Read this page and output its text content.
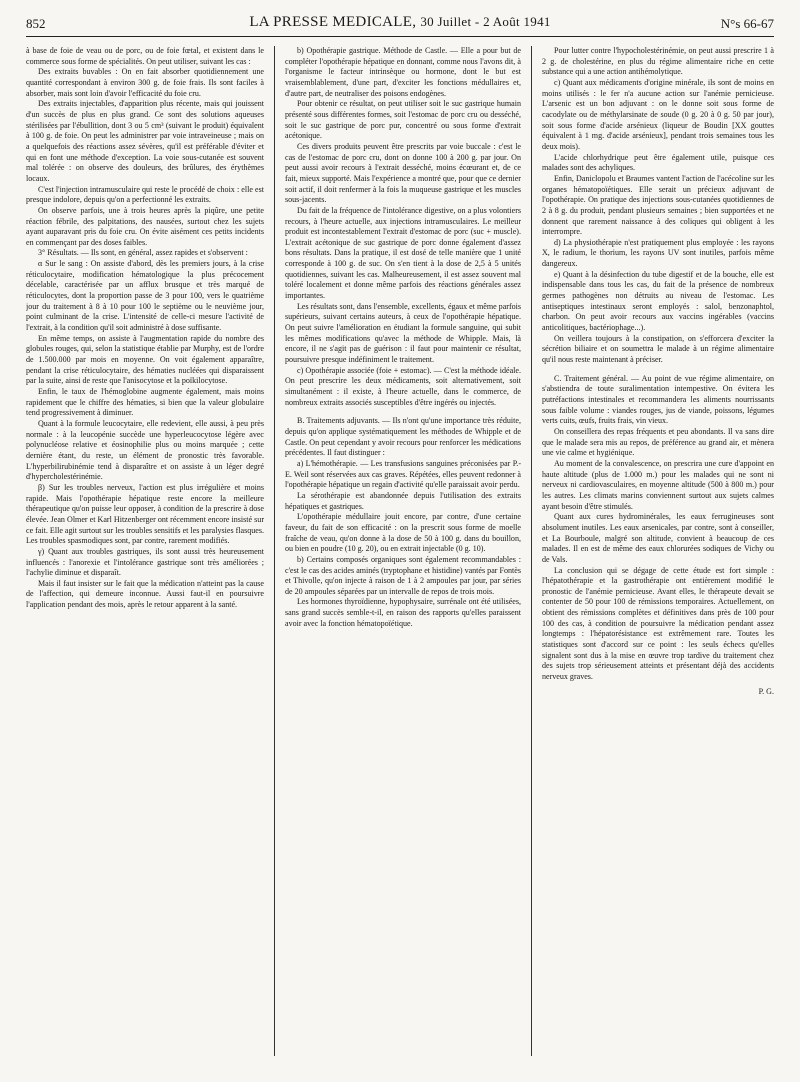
852	LA PRESSE MEDICALE, 30 Juillet - 2 Août 1941	N°s 66-67

à base de foie de veau ou de porc, ou de foie fœtal, et existent dans le commerce sous forme de spécialités. On peut utiliser, suivant les cas :

Des extraits buvables : On en fait absorber quotidiennement une quantité correspondant à environ 300 g. de foie frais. Ils sont faciles à absorber, mais sont loin d'avoir l'efficacité du foie cru.

Des extraits injectables, d'apparition plus récente, mais qui jouissent d'un succès de plus en plus grand. Ce sont des solutions aqueuses stérilisées par l'ébullition, dont 3 ou 5 cm³ (suivant le produit) équivalent à 100 g. de foie. On peut les administrer par voie intraveineuse ; mais on a quelquefois des réactions assez sévères, qu'il est préférable d'éviter et qui en font une méthode d'exception. La voie sous-cutanée est souvent mal tolérée : on observe des douleurs, des brûlures, des érythèmes locaux.

C'est l'injection intramusculaire qui reste le procédé de choix : elle est presque indolore, depuis qu'on a perfectionné les extraits.

On observe parfois, une à trois heures après la piqûre, une petite réaction fébrile, des palpitations, des nausées, surtout chez les sujets ayant auparavant pris du foie cru. On évite aisément ces petits incidents en commençant par des doses faibles.

3° Résultats. — Ils sont, en général, assez rapides et s'observent :

α Sur le sang : On assiste d'abord, dès les premiers jours, à la crise réticulocytaire, modification hématologique la plus précocement décelable, caractérisée par un afflux brusque et très marqué de réticulocytes, dont la proportion passe de 3 pour 100, vers le quatrième jour du traitement à 8 à 10 pour 100 le septième ou le neuvième jour, point culminant de la crise. L'intensité de celle-ci mesure l'activité de l'extrait, à la condition qu'il soit administré à dose suffisante.

En même temps, on assiste à l'augmentation rapide du nombre des globules rouges, qui, selon la statistique établie par Murphy, est de l'ordre de 1.500.000 par mois en moyenne. On voit également apparaître, pendant la crise réticulocytaire, des hématies nucléées qui disparaissent par la suite, ainsi de reste que l'anisocytose et la poïkilocytose.

Enfin, le taux de l'hémoglobine augmente également, mais moins rapidement que le chiffre des hématies, si bien que la valeur globulaire tend progressivement à diminuer.

Quant à la formule leucocytaire, elle redevient, elle aussi, à peu près normale : à la leucopénie succède une hyperleucocytose légère avec polynucléose relative et éosinophilie plus ou moins marquée ; cette dernière étant, du reste, un élément de pronostic très favorable. L'hyperbilirubinémie tend à disparaître et on assiste à un léger degré d'hypercholestérinémie.

β) Sur les troubles nerveux, l'action est plus irrégulière et moins rapide. Mais l'opothérapie hépatique reste encore la meilleure thérapeutique qu'on puisse leur opposer, à condition de la prescrire à dose élevée. Jean Olmer et Karl Hitzenberger ont récemment encore insisté sur ce fait. Elle agit surtout sur les troubles sensitifs et les paralysies flasques. Les troubles spasmodiques sont, par contre, rarement modifiés.

γ) Quant aux troubles gastriques, ils sont aussi très heureusement influencés : l'anorexie et l'intolérance gastrique sont très améliorées ; l'achylie diminue et disparaît.

Mais il faut insister sur le fait que la médication n'atteint pas la cause de l'affection, qui demeure inconnue. Aussi faut-il en poursuivre l'application pendant des mois, après le retour apparent à la santé.

b) Opothérapie gastrique. Méthode de Castle. — Elle a pour but de compléter l'opothérapie hépatique en donnant, comme nous l'avons dit, à l'organisme le facteur intrinsèque ou hormone, dont le but est vraisemblablement, d'une part, d'exciter les fonctions médullaires et, d'autre part, de neutraliser des poisons endogènes.

Pour obtenir ce résultat, on peut utiliser soit le suc gastrique humain présenté sous différentes formes, soit l'estomac de porc cru ou desséché, soit le suc gastrique de porc pur, concentré ou sous forme d'extrait acétonique.

Ces divers produits peuvent être prescrits par voie buccale : c'est le cas de l'estomac de porc cru, dont on donne 100 à 200 g. par jour. On peut aussi avoir recours à l'extrait desséché, moins écœurant et, de ce fait, mieux supporté. Mais l'expérience a montré que, pour que ce dernier soit actif, il doit renfermer à la fois la muqueuse gastrique et les muscles sous-jacents.

Du fait de la fréquence de l'intolérance digestive, on a plus volontiers recours, à l'heure actuelle, aux injections intramusculaires. Le meilleur produit est incontestablement l'extrait d'estomac de porc (suc + muscle). L'extrait acétonique de suc gastrique de porc donne également d'assez bons résultats. Dans la pratique, il est dosé de telle manière que 1 unité corresponde à 100 g. de suc. On s'en tient à la dose de 2,5 à 5 unités quotidiennes, suivant les cas. Malheureusement, il est assez souvent mal toléré localement et donne même parfois des réactions générales assez importantes.

Les résultats sont, dans l'ensemble, excellents, égaux et même parfois supérieurs, suivant certains auteurs, à ceux de l'opothérapie hépatique. On peut suivre l'amélioration en étudiant la formule sanguine, qui subit les mêmes modifications qu'avec la méthode de Whipple. Mais, là encore, il ne s'agit pas de guérison : il faut pour maintenir ce résultat, poursuivre presque indéfiniment le traitement.

c) Opothérapie associée (foie + estomac). — C'est la méthode idéale. On peut prescrire les deux médicaments, soit alternativement, soit simultanément : il existe, à l'heure actuelle, dans le commerce, de nombreux extraits associés susceptibles d'être ingérés ou injectés.

B. Traitements adjuvants. — Ils n'ont qu'une importance très réduite, depuis qu'on applique systématiquement les méthodes de Whipple et de Castle. On peut cependant y avoir recours pour renforcer les médications précédentes. Il faut distinguer :

a) L'hémothérapie. — Les transfusions sanguines préconisées par P.-E. Weil sont réservées aux cas graves. Répétées, elles peuvent redonner à l'opothérapie hépatique un regain d'activité qu'elle paraissait avoir perdu.

La sérothérapie est abandonnée depuis l'utilisation des extraits hépatiques et gastriques.

L'opothérapie médullaire jouit encore, par contre, d'une certaine faveur, du fait de son efficacité : on la prescrit sous forme de moelle fraîche de veau, qu'on donne à la dose de 50 à 100 g. dans du bouillon, ou bien en poudre (10 g. 20), ou en extrait injectable (0 g. 10).

b) Certains composés organiques sont également recommandables : c'est le cas des acides aminés (tryptophane et histidine) vantés par Fontès et Thivolle, qu'on injecte à raison de 1 à 2 ampoules par jour, par séries de 20 ampoules séparées par un intervalle de repos de trois mois.

Les hormones thyroïdienne, hypophysaire, surrénale ont été utilisées, sans grand succès semble-t-il, en raison des rapports qu'elles paraissent avoir avec la fonction hématopoïétique.

Pour lutter contre l'hypocholestérinémie, on peut aussi prescrire 1 à 2 g. de cholestérine, en plus du régime alimentaire riche en cette substance qui a une action antihémolytique.

c) Quant aux médicaments d'origine minérale, ils sont de moins en moins utilisés : le fer n'a aucune action sur l'anémie pernicieuse. L'arsenic est un bon adjuvant : on le donne soit sous forme de cacodylate ou de méthylarsinate de soude (0 g. 20 à 0 g. 50 par jour), soit sous forme d'acide arsénieux (liqueur de Boudin [XX gouttes équivalent à 1 mg. d'acide arsénieux], pendant trois semaines tous les deux mois).

L'acide chlorhydrique peut être également utile, puisque ces malades sont des achyliques.

Enfin, Daniclopolu et Braumes vantent l'action de l'acécoline sur les organes hématopoïétiques. Elle serait un précieux adjuvant de l'opothérapie. On pratique des injections sous-cutanées quotidiennes de 2 à 8 g. du produit, pendant plusieurs semaines ; bien supportées et ne donnent que rarement naissance à des coliques qui obligent à les interrompre.

d) La physiothérapie n'est pratiquement plus employée : les rayons X, le radium, le thorium, les rayons UV sont inutiles, parfois même dangereux.

e) Quant à la désinfection du tube digestif et de la bouche, elle est indispensable dans tous les cas, du fait de la présence de nombreux germes pathogènes non détruits au niveau de l'estomac. Les antiseptiques intestinaux seront employés : salol, benzonaphtol, charbon. On peut avoir recours aux vaccins ingérables (vaccins anticolitiques, bactériophage...).

On veillera toujours à la constipation, on s'efforcera d'exciter la sécrétion biliaire et on soumettra le malade à un régime alimentaire qu'il nous reste maintenant à préciser.

C. Traitement général. — Au point de vue régime alimentaire, on s'abstiendra de toute suralimentation intempestive. On évitera les putréfactions intestinales et recommandera les aliments nourrissants sous faible volume : viandes rouges, jus de viande, poissons, légumes verts cuits, œufs, fruits frais, vin vieux.

On conseillera des repas fréquents et peu abondants. Il va sans dire que le malade sera mis au repos, de préférence au grand air, et mènera une vie calme et hygiénique.

Au moment de la convalescence, on prescrira une cure d'appoint en haute altitude (plus de 1.000 m.) pour les malades qui ne sont ni nerveux ni cardiovasculaires, en moyenne altitude (500 à 800 m.) pour les autres. Les climats marins conviennent surtout aux sujets calmes ayant besoin d'être stimulés.

Quant aux cures hydrominérales, les eaux ferrugineuses sont absolument inutiles. Les eaux arsenicales, par contre, sont à conseiller, et La Bourboule, malgré son altitude, convient à beaucoup de ces malades. Il en est de même des eaux chlorurées sodiques de Vichy ou de Vals.

La conclusion qui se dégage de cette étude est fort simple : l'hépatothérapie et la gastrothérapie ont entièrement modifié le pronostic de l'anémie pernicieuse. Avant elles, le thérapeute devait se contenter de 50 pour 100 de rémissions temporaires. Actuellement, on obtient des rémissions complètes et définitives dans près de 100 pour 100 des cas, à condition de poursuivre la médication pendant assez longtemps : l'hépatorésistance est extrêmement rare. Toutes les statistiques sont d'accord sur ce point : les seuls échecs qu'elles signalent sont dus à la mise en œuvre trop tardive du traitement chez des sujets trop sérieusement atteints et présentant déjà des accidents nerveux graves.

P. G.
